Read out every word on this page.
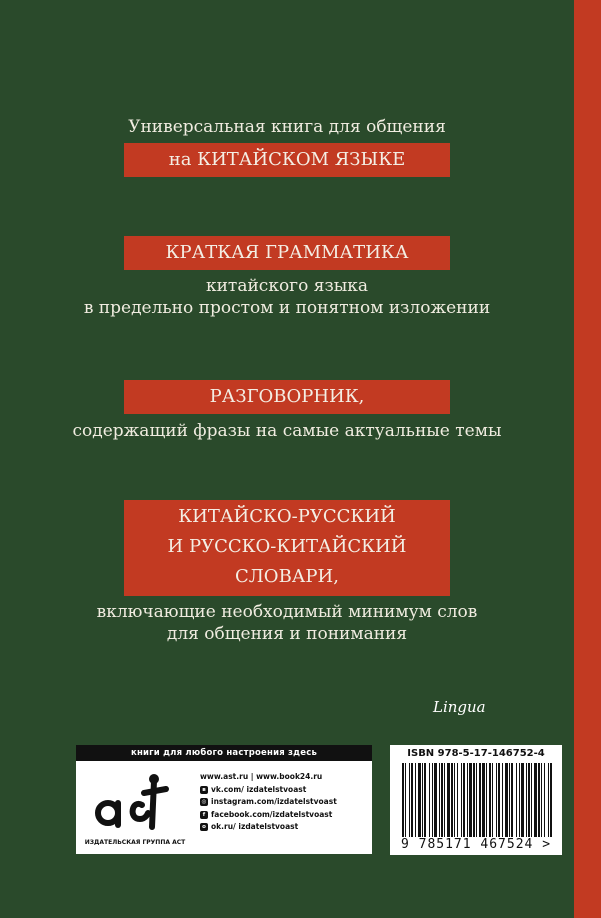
Универсальная книга для общения
на КИТАЙСКОМ ЯЗЫКЕ
КРАТКАЯ ГРАММАТИКА
китайского языка
в предельно простом и понятном изложении
РАЗГОВОРНИК,
содержащий фразы на самые актуальные темы
КИТАЙСКО-РУССКИЙ
И РУССКО-КИТАЙСКИЙ
СЛОВАРИ,
включающие необходимый минимум слов
для общения и понимания
Lingua
книги для любого настроения здесь
ИЗДАТЕЛЬСКАЯ ГРУППА АСТ
www.ast.ru | www.book24.ru
в vk.com/ izdatelstvoast
◎ instagram.com/izdatelstvoast
f facebook.com/izdatelstvoast
о ok.ru/ izdatelstvoast
ISBN 978-5-17-146752-4
9 785171 467524 >
